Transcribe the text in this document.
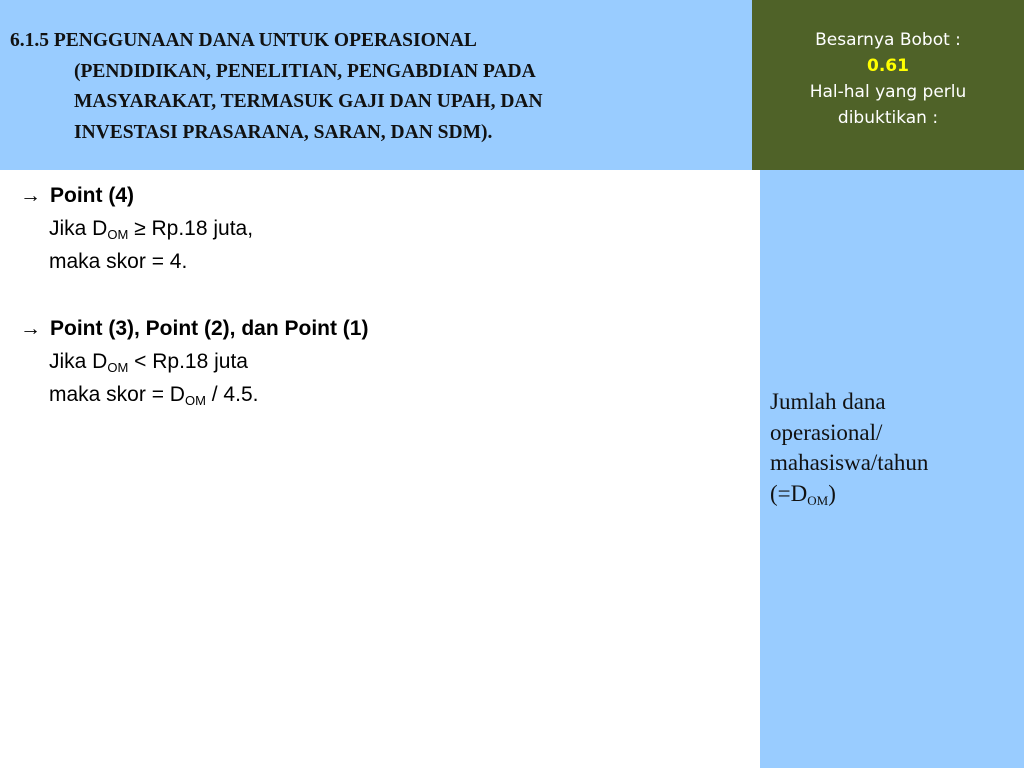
6.1.5 PENGGUNAAN DANA UNTUK OPERASIONAL
(PENDIDIKAN, PENELITIAN, PENGABDIAN PADA
MASYARAKAT, TERMASUK GAJI DAN UPAH, DAN
INVESTASI PRASARANA, SARAN, DAN SDM).
Besarnya Bobot :
0.61
Hal-hal yang perlu
dibuktikan :
Jumlah dana
operasional/
mahasiswa/tahun
$(=D_{OM})$
→ Point (4)
Jika $D_{OM} \ge Rp.18$ juta,
maka skor = 4.
→ Point (3), Point (2), dan Point (1)
Jika $D_{OM} < Rp.18$ juta
maka skor = $D_{OM} / 4.5$.
